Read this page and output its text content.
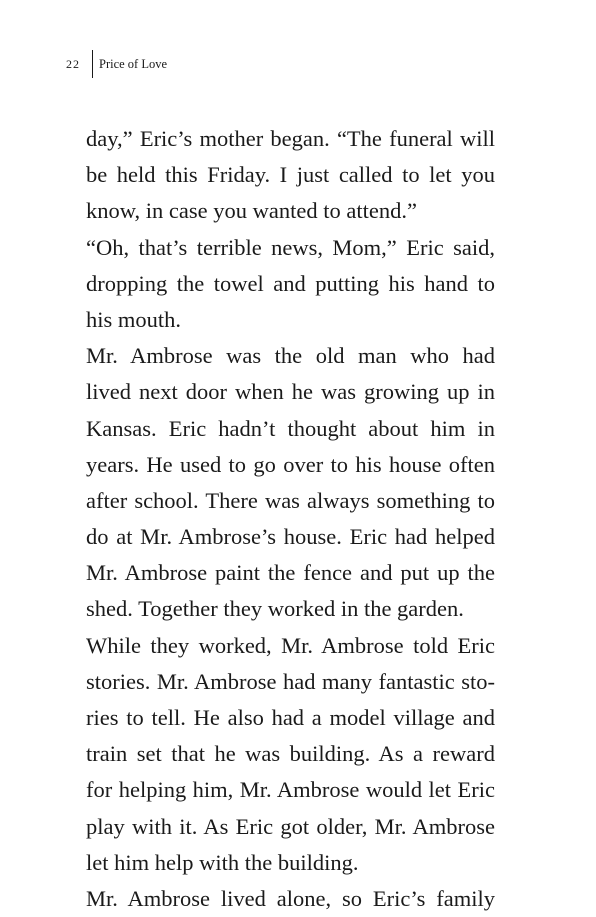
22	Price of Love

day,” Eric’s mother began. “The funeral will
be held this Friday. I just called to let you
know, in case you wanted to attend.”

“Oh, that’s terrible news, Mom,” Eric said,
dropping the towel and putting his hand to
his mouth.

Mr. Ambrose was the old man who had
lived next door when he was growing up in
Kansas. Eric hadn’t thought about him in
years. He used to go over to his house often
after school. There was always something to
do at Mr. Ambrose’s house. Eric had helped
Mr. Ambrose paint the fence and put up the
shed. Together they worked in the garden.

While they worked, Mr. Ambrose told Eric
stories. Mr. Ambrose had many fantastic sto-
ries to tell. He also had a model village and
train set that he was building. As a reward
for helping him, Mr. Ambrose would let Eric
play with it. As Eric got older, Mr. Ambrose
let him help with the building.

Mr. Ambrose lived alone, so Eric’s family
